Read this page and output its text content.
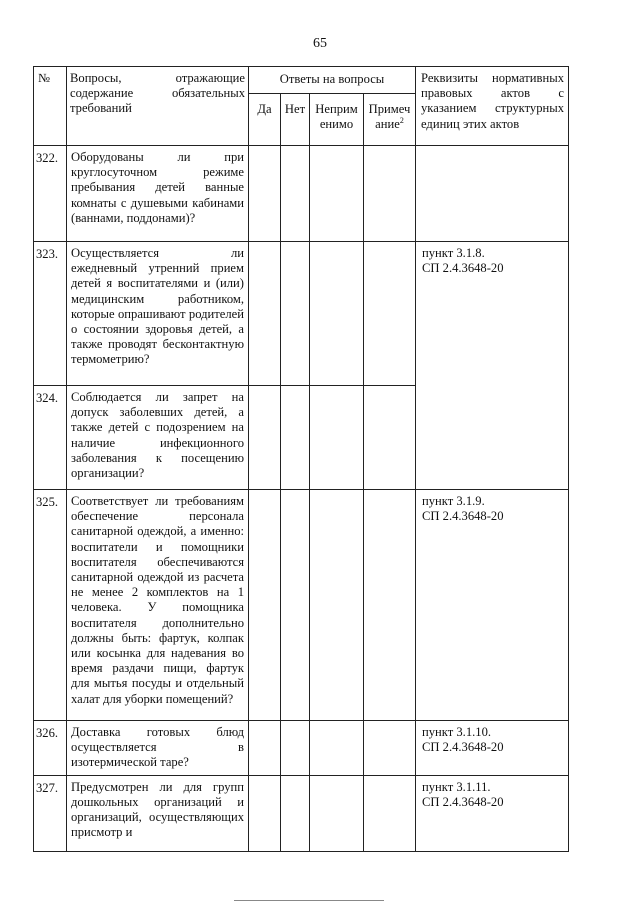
65
№	Вопросы, отражающие содержание обязательных требований	Ответы на вопросы				Реквизиты нормативных правовых актов с указанием структурных единиц этих актов
		Да	Нет	Неприменимо	Примечание$^2$
322.	Оборудованы ли при круглосуточном режиме пребывания детей ванные комнаты с душевыми кабинами (ваннами, поддонами)?					
323.	Осуществляется ли ежедневный утренний прием детей я воспитателями и (или) медицинским работником, которые опрашивают родителей о состоянии здоровья детей, а также проводят бесконтактную термометрию?					пункт 3.1.8.
СП 2.4.3648-20
324.	Соблюдается ли запрет на допуск заболевших детей, а также детей с подозрением на наличие инфекционного заболевания к посещению организации?					
325.	Соответствует ли требованиям обеспечение персонала санитарной одеждой, а именно: воспитатели и помощники воспитателя обеспечиваются санитарной одеждой из расчета не менее 2 комплектов на 1 человека. У помощника воспитателя дополнительно должны быть: фартук, колпак или косынка для надевания во время раздачи пищи, фартук для мытья посуды и отдельный халат для уборки помещений?					пункт 3.1.9.
СП 2.4.3648-20
326.	Доставка готовых блюд осуществляется в изотермической таре?					пункт 3.1.10.
СП 2.4.3648-20
327.	Предусмотрен ли для групп дошкольных организаций и организаций, осуществляющих присмотр и					пункт 3.1.11.
СП 2.4.3648-20
